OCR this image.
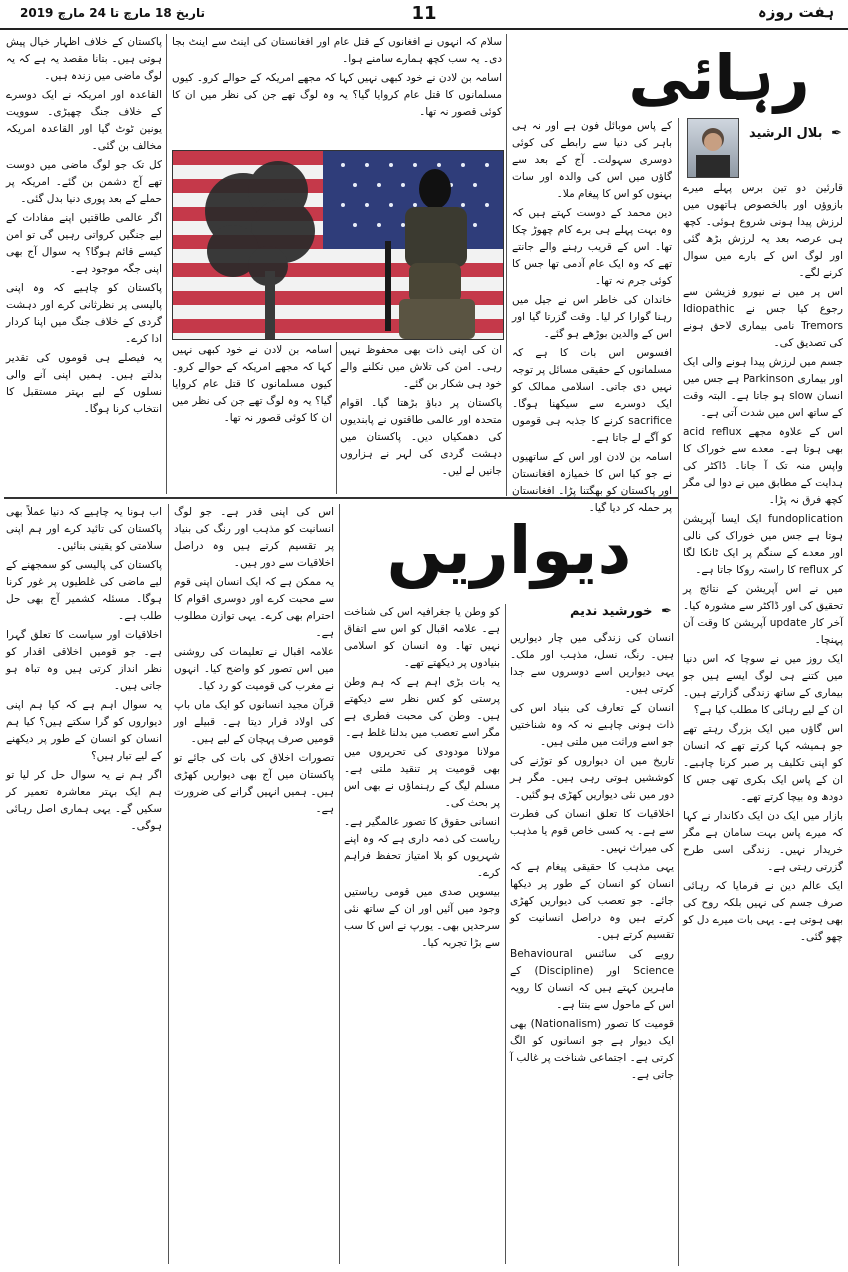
تاریخ 18 مارچ تا 24 مارچ 2019	11	ہفت روزہ
رہائی
✒ بلال الرشید

قارئین دو تین برس پہلے میرے بازوؤں اور بالخصوص ہاتھوں میں لرزش پیدا ہونی شروع ہوئی۔ کچھ ہی عرصہ بعد یہ لرزش بڑھ گئی اور لوگ اس کے بارے میں سوال کرنے لگے۔

اس پر میں نے نیورو فزیشن سے رجوع کیا جس نے Idiopathic Tremors نامی بیماری لاحق ہونے کی تصدیق کی۔

جسم میں لرزش پیدا ہونے والی ایک اور بیماری Parkinson ہے جس میں انسان slow ہو جاتا ہے۔ البتہ وقت کے ساتھ اس میں شدت آتی ہے۔

اس کے علاوہ مجھے acid reflux بھی ہوتا ہے۔ معدے سے خوراک کا واپس منہ تک آ جانا۔ ڈاکٹر کی ہدایت کے مطابق میں نے دوا لی مگر کچھ فرق نہ پڑا۔

fundoplication ایک ایسا آپریشن ہوتا ہے جس میں خوراک کی نالی اور معدے کے سنگم پر ایک ٹانکا لگا کر reflux کا راستہ روکا جاتا ہے۔

میں نے اس آپریشن کے نتائج پر تحقیق کی اور ڈاکٹر سے مشورہ کیا۔ آخر کار update آپریشن کا وقت آن پہنچا۔

ایک روز میں نے سوچا کہ اس دنیا میں کتنے ہی لوگ ایسے ہیں جو بیماری کے ساتھ زندگی گزارتے ہیں۔ ان کے لیے رہائی کا مطلب کیا ہے؟

اس گاؤں میں ایک بزرگ رہتے تھے جو ہمیشہ کہا کرتے تھے کہ انسان کو اپنی تکلیف پر صبر کرنا چاہیے۔ ان کے پاس ایک بکری تھی جس کا دودھ وہ بیچا کرتے تھے۔

بازار میں ایک دن ایک دکاندار نے کہا کہ میرے پاس بہت سامان ہے مگر خریدار نہیں۔ زندگی اسی طرح گزرتی رہتی ہے۔

ایک عالم دین نے فرمایا کہ رہائی صرف جسم کی نہیں بلکہ روح کی بھی ہوتی ہے۔ یہی بات میرے دل کو چھو گئی۔

کے پاس موبائل فون ہے اور نہ ہی باہر کی دنیا سے رابطے کی کوئی دوسری سہولت۔ آج کے بعد سے گاؤں میں اس کی والدہ اور سات بہنوں کو اس کا پیغام ملا۔

دین محمد کے دوست کہتے ہیں کہ وہ بہت پہلے ہی برے کام چھوڑ چکا تھا۔ اس کے قریب رہنے والے جانتے تھے کہ وہ ایک عام آدمی تھا جس کا کوئی جرم نہ تھا۔

خاندان کی خاطر اس نے جیل میں رہنا گوارا کر لیا۔ وقت گزرتا گیا اور اس کے والدین بوڑھے ہو گئے۔

افسوس اس بات کا ہے کہ مسلمانوں کے حقیقی مسائل پر توجہ نہیں دی جاتی۔ اسلامی ممالک کو ایک دوسرے سے سیکھنا ہوگا۔ sacrifice کرنے کا جذبہ ہی قوموں کو آگے لے جاتا ہے۔

اسامہ بن لادن اور اس کے ساتھیوں نے جو کیا اس کا خمیازہ افغانستان اور پاکستان کو بھگتنا پڑا۔ افغانستان پر حملہ کر دیا گیا۔

سلام کہ انہوں نے افغانوں کے قتل عام اور افغانستان کی اینٹ سے اینٹ بجا دی۔ یہ سب کچھ ہمارے سامنے ہوا۔

اسامہ بن لادن نے خود کبھی نہیں کہا کہ مجھے امریکہ کے حوالے کرو۔ کیوں مسلمانوں کا قتل عام کروایا گیا؟ یہ وہ لوگ تھے جن کی نظر میں ان کا کوئی قصور نہ تھا۔

ان کی اپنی ذات بھی محفوظ نہیں رہی۔ امن کی تلاش میں نکلنے والے خود ہی شکار بن گئے۔

پاکستان پر دباؤ بڑھتا گیا۔ اقوام متحدہ اور عالمی طاقتوں نے پابندیوں کی دھمکیاں دیں۔ پاکستان میں دہشت گردی کی لہر نے ہزاروں جانیں لے لیں۔

اسامہ بن لادن نے خود کبھی نہیں کہا کہ مجھے امریکہ کے حوالے کرو۔ کیوں مسلمانوں کا قتل عام کروایا گیا؟ یہ وہ لوگ تھے جن کی نظر میں ان کا کوئی قصور نہ تھا۔

پاکستان کے خلاف اظہار خیال پیش ہوتی ہیں۔ بتانا مقصد یہ ہے کہ یہ لوگ ماضی میں زندہ ہیں۔

القاعدہ اور امریکہ نے ایک دوسرے کے خلاف جنگ چھیڑی۔ سوویت یونین ٹوٹ گیا اور القاعدہ امریکہ مخالف بن گئی۔

کل تک جو لوگ ماضی میں دوست تھے آج دشمن بن گئے۔ امریکہ پر حملے کے بعد پوری دنیا بدل گئی۔

اگر عالمی طاقتیں اپنے مفادات کے لیے جنگیں کرواتی رہیں گی تو امن کیسے قائم ہوگا؟ یہ سوال آج بھی اپنی جگہ موجود ہے۔

پاکستان کو چاہیے کہ وہ اپنی پالیسی پر نظرثانی کرے اور دہشت گردی کے خلاف جنگ میں اپنا کردار ادا کرے۔

یہ فیصلے ہی قوموں کی تقدیر بدلتے ہیں۔ ہمیں اپنی آنے والی نسلوں کے لیے بہتر مستقبل کا انتخاب کرنا ہوگا۔

دیواریں
✒ خورشید ندیم

انسان کی زندگی میں چار دیواریں ہیں۔ رنگ، نسل، مذہب اور ملک۔ یہی دیواریں اسے دوسروں سے جدا کرتی ہیں۔

انسان کے تعارف کی بنیاد اس کی ذات ہونی چاہیے نہ کہ وہ شناختیں جو اسے وراثت میں ملتی ہیں۔

تاریخ میں ان دیواروں کو توڑنے کی کوششیں ہوتی رہی ہیں۔ مگر ہر دور میں نئی دیواریں کھڑی ہو گئیں۔

اخلاقیات کا تعلق انسان کی فطرت سے ہے۔ یہ کسی خاص قوم یا مذہب کی میراث نہیں۔

یہی مذہب کا حقیقی پیغام ہے کہ انسان کو انسان کے طور پر دیکھا جائے۔ جو تعصب کی دیواریں کھڑی کرتے ہیں وہ دراصل انسانیت کو تقسیم کرتے ہیں۔

رویے کی سائنس Behavioural Science اور (Discipline) کے ماہرین کہتے ہیں کہ انسان کا رویہ اس کے ماحول سے بنتا ہے۔

قومیت کا تصور (Nationalism) بھی ایک دیوار ہے جو انسانوں کو الگ کرتی ہے۔ اجتماعی شناخت پر غالب آ جاتی ہے۔

کو وطن یا جغرافیہ اس کی شناخت ہے۔ علامہ اقبال کو اس سے اتفاق نہیں تھا۔ وہ انسان کو اسلامی بنیادوں پر دیکھتے تھے۔

یہ بات بڑی اہم ہے کہ ہم وطن پرستی کو کس نظر سے دیکھتے ہیں۔ وطن کی محبت فطری ہے مگر اسے تعصب میں بدلنا غلط ہے۔

مولانا مودودی کی تحریروں میں بھی قومیت پر تنقید ملتی ہے۔ مسلم لیگ کے رہنماؤں نے بھی اس پر بحث کی۔

انسانی حقوق کا تصور عالمگیر ہے۔ ریاست کی ذمہ داری ہے کہ وہ اپنے شہریوں کو بلا امتیاز تحفظ فراہم کرے۔

بیسویں صدی میں قومی ریاستیں وجود میں آئیں اور ان کے ساتھ نئی سرحدیں بھی۔ یورپ نے اس کا سب سے بڑا تجربہ کیا۔

اس کی اپنی قدر ہے۔ جو لوگ انسانیت کو مذہب اور رنگ کی بنیاد پر تقسیم کرتے ہیں وہ دراصل اخلاقیات سے دور ہیں۔

یہ ممکن ہے کہ ایک انسان اپنی قوم سے محبت کرے اور دوسری اقوام کا احترام بھی کرے۔ یہی توازن مطلوب ہے۔

علامہ اقبال نے تعلیمات کی روشنی میں اس تصور کو واضح کیا۔ انہوں نے مغرب کی قومیت کو رد کیا۔

قرآن مجید انسانوں کو ایک ماں باپ کی اولاد قرار دیتا ہے۔ قبیلے اور قومیں صرف پہچان کے لیے ہیں۔

تصورات اخلاق کی بات کی جائے تو پاکستان میں آج بھی دیواریں کھڑی ہیں۔ ہمیں انہیں گرانے کی ضرورت ہے۔

اب ہونا یہ چاہیے کہ دنیا عملاً بھی پاکستان کی تائید کرے اور ہم اپنی سلامتی کو یقینی بنائیں۔

پاکستان کی پالیسی کو سمجھنے کے لیے ماضی کی غلطیوں پر غور کرنا ہوگا۔ مسئلہ کشمیر آج بھی حل طلب ہے۔

اخلاقیات اور سیاست کا تعلق گہرا ہے۔ جو قومیں اخلاقی اقدار کو نظر انداز کرتی ہیں وہ تباہ ہو جاتی ہیں۔

یہ سوال اہم ہے کہ کیا ہم اپنی دیواروں کو گرا سکتے ہیں؟ کیا ہم انسان کو انسان کے طور پر دیکھنے کے لیے تیار ہیں؟

اگر ہم نے یہ سوال حل کر لیا تو ہم ایک بہتر معاشرہ تعمیر کر سکیں گے۔ یہی ہماری اصل رہائی ہوگی۔
